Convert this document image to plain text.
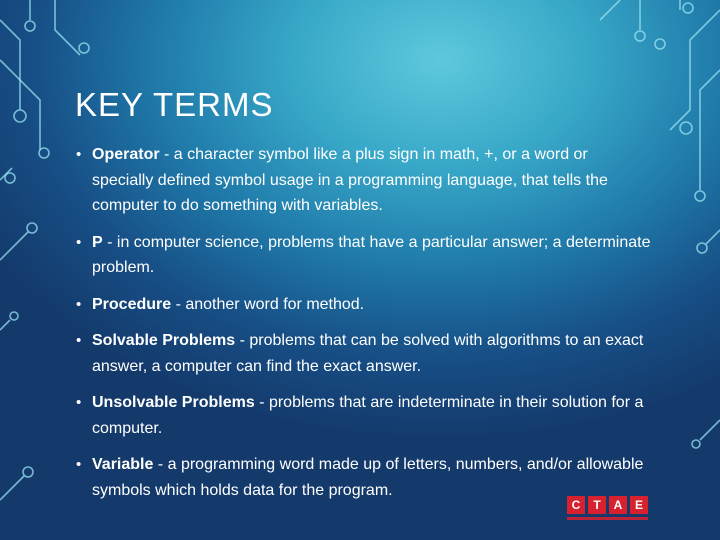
KEY TERMS
• Operator - a character symbol like a plus sign in math, +, or a word or specially defined symbol usage in a programming language, that tells the computer to do something with variables.
• P - in computer science, problems that have a particular answer; a determinate problem.
• Procedure - another word for method.
• Solvable Problems - problems that can be solved with algorithms to an exact answer, a computer can find the exact answer.
• Unsolvable Problems - problems that are indeterminate in their solution for a computer.
• Variable - a programming word made up of letters, numbers, and/or allowable symbols which holds data for the program.
C	T	A	E
